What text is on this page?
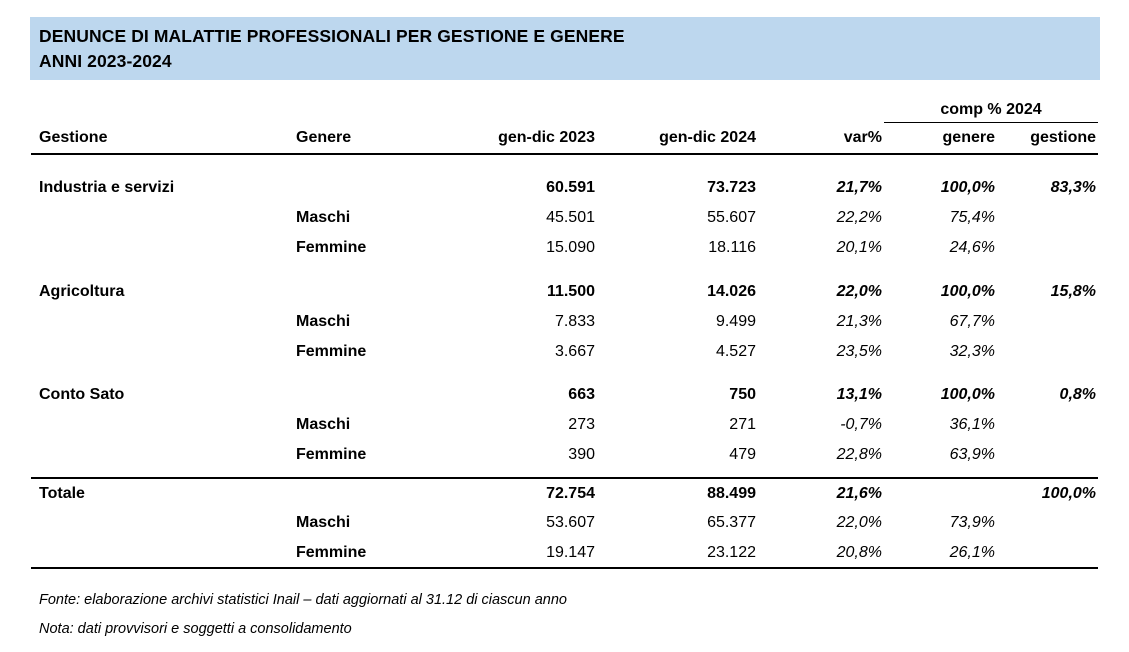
DENUNCE DI MALATTIE PROFESSIONALI PER GESTIONE E GENERE
ANNI 2023-2024
					comp % 2024	
Gestione	Genere	gen-dic 2023	gen-dic 2024	var%	genere	gestione

Industria e servizi		60.591	73.723	21,7%	100,0%	83,3%
	Maschi	45.501	55.607	22,2%	75,4%	
	Femmine	15.090	18.116	20,1%	24,6%	

Agricoltura		11.500	14.026	22,0%	100,0%	15,8%
	Maschi	7.833	9.499	21,3%	67,7%	
	Femmine	3.667	4.527	23,5%	32,3%	

Conto Sato		663	750	13,1%	100,0%	0,8%
	Maschi	273	271	-0,7%	36,1%	
	Femmine	390	479	22,8%	63,9%	

Totale		72.754	88.499	21,6%		100,0%
	Maschi	53.607	65.377	22,0%	73,9%	
	Femmine	19.147	23.122	20,8%	26,1%	
Fonte: elaborazione archivi statistici Inail – dati aggiornati al 31.12 di ciascun anno
Nota: dati provvisori e soggetti a consolidamento
